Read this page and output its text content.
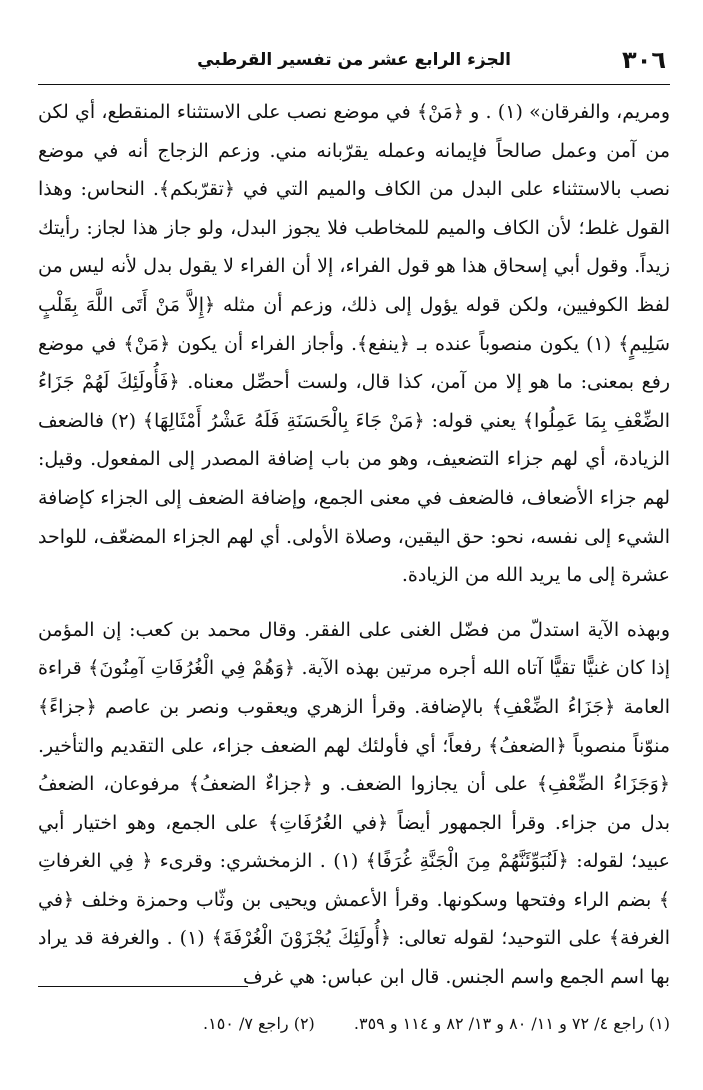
٣٠٦
الجزء الرابع عشر من تفسير القرطبي

ومريم، والفرقان» (١) . و ﴿مَنْ﴾ في موضع نصب على الاستثناء المنقطع، أي لكن من آمن وعمل صالحاً فإيمانه وعمله يقرّبانه مني. وزعم الزجاج أنه في موضع نصب بالاستثناء على البدل من الكاف والميم التي في ﴿تقرّبكم﴾. النحاس: وهذا القول غلط؛ لأن الكاف والميم للمخاطب فلا يجوز البدل، ولو جاز هذا لجاز: رأيتك زيداً. وقول أبي إسحاق هذا هو قول الفراء، إلا أن الفراء لا يقول بدل لأنه ليس من لفظ الكوفيين، ولكن قوله يؤول إلى ذلك، وزعم أن مثله ﴿إِلاَّ مَنْ أَتَى اللَّهَ بِقَلْبٍ سَلِيمٍ﴾ (١) يكون منصوباً عنده بـ ﴿ينفع﴾. وأجاز الفراء أن يكون ﴿مَنْ﴾ في موضع رفع بمعنى: ما هو إلا من آمن، كذا قال، ولست أحصِّل معناه. ﴿فَأُولَئِكَ لَهُمْ جَزَاءُ الضِّعْفِ بِمَا عَمِلُوا﴾ يعني قوله: ﴿مَنْ جَاءَ بِالْحَسَنَةِ فَلَهُ عَشْرُ أَمْثَالِهَا﴾ (٢) فالضعف الزيادة، أي لهم جزاء التضعيف، وهو من باب إضافة المصدر إلى المفعول. وقيل: لهم جزاء الأضعاف، فالضعف في معنى الجمع، وإضافة الضعف إلى الجزاء كإضافة الشيء إلى نفسه، نحو: حق اليقين، وصلاة الأولى. أي لهم الجزاء المضعّف، للواحد عشرة إلى ما يريد الله من الزيادة.

وبهذه الآية استدلّ من فضّل الغنى على الفقر. وقال محمد بن كعب: إن المؤمن إذا كان غنيًّا تقيًّا آتاه الله أجره مرتين بهذه الآية. ﴿وَهُمْ فِي الْغُرُفَاتِ آمِنُونَ﴾ قراءة العامة ﴿جَزَاءُ الضِّعْفِ﴾ بالإضافة. وقرأ الزهري ويعقوب ونصر بن عاصم ﴿جزاءً﴾ منوّناً منصوباً ﴿الضعفُ﴾ رفعاً؛ أي فأولئك لهم الضعف جزاء، على التقديم والتأخير. ﴿وَجَزَاءُ الضِّعْفِ﴾ على أن يجازوا الضعف. و ﴿جزاءٌ الضعفُ﴾ مرفوعان، الضعفُ بدل من جزاء. وقرأ الجمهور أيضاً ﴿في الغُرُفَاتِ﴾ على الجمع، وهو اختيار أبي عبيد؛ لقوله: ﴿لَنُبَوِّئَنَّهُمْ مِنَ الْجَنَّةِ غُرَفًا﴾ (١) . الزمخشري: وقرىء ﴿ فِي الغرفاتِ ﴾ بضم الراء وفتحها وسكونها. وقرأ الأعمش ويحيى بن وثّاب وحمزة وخلف ﴿في الغرفة﴾ على التوحيد؛ لقوله تعالى: ﴿أُولَئِكَ يُجْزَوْنَ الْغُرْفَةَ﴾ (١) . والغرفة قد يراد بها اسم الجمع واسم الجنس. قال ابن عباس: هي غرف

(١) راجع ٤/ ٧٢ و ١١/ ٨٠ و ١٣/ ٨٢ و ١١٤ و ٣٥٩. (٢) راجع ٧/ ١٥٠.
